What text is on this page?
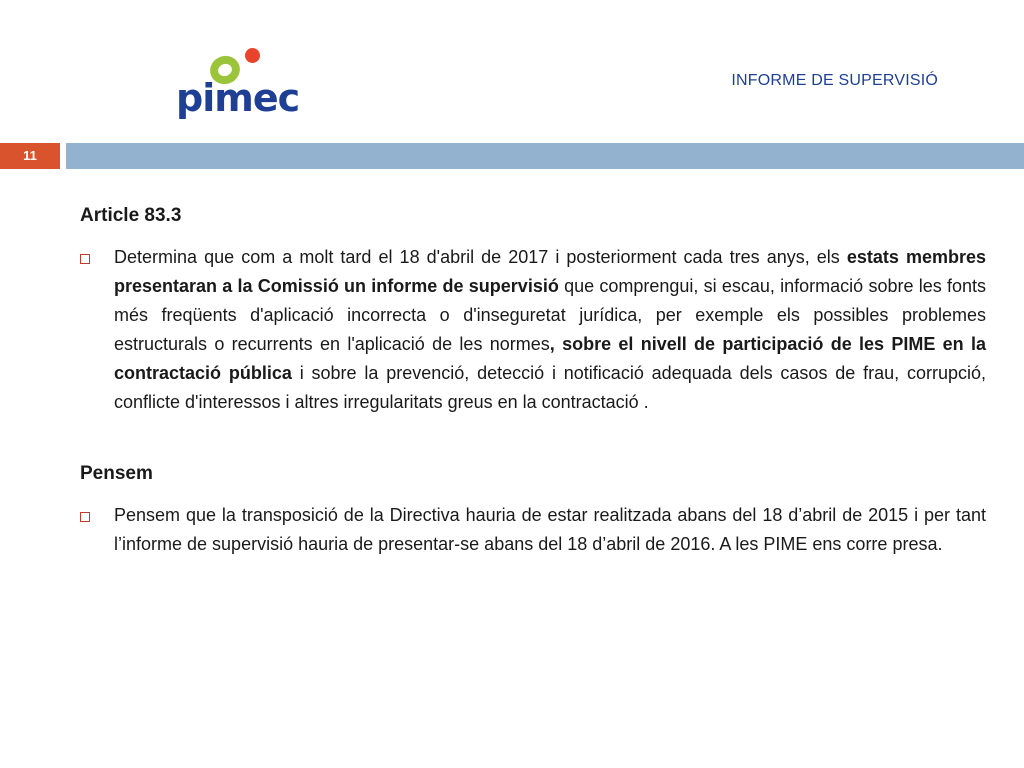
pimec	INFORME DE SUPERVISIÓ
11
Article 83.3
Determina que com a molt tard el 18 d'abril de 2017 i posteriorment cada tres anys, els estats membres presentaran a la Comissió un informe de supervisió que comprengui, si escau, informació sobre les fonts més freqüents d'aplicació incorrecta o d'inseguretat jurídica, per exemple els possibles problemes estructurals o recurrents en l'aplicació de les normes, sobre el nivell de participació de les PIME en la contractació pública i sobre la prevenció, detecció i notificació adequada dels casos de frau, corrupció, conflicte d'interessos i altres irregularitats greus en la contractació .
Pensem
Pensem que la transposició de la Directiva hauria de estar realitzada abans del 18 d’abril de 2015 i per tant l’informe de supervisió hauria de presentar-se abans del 18 d’abril de 2016. A les PIME ens corre presa.
